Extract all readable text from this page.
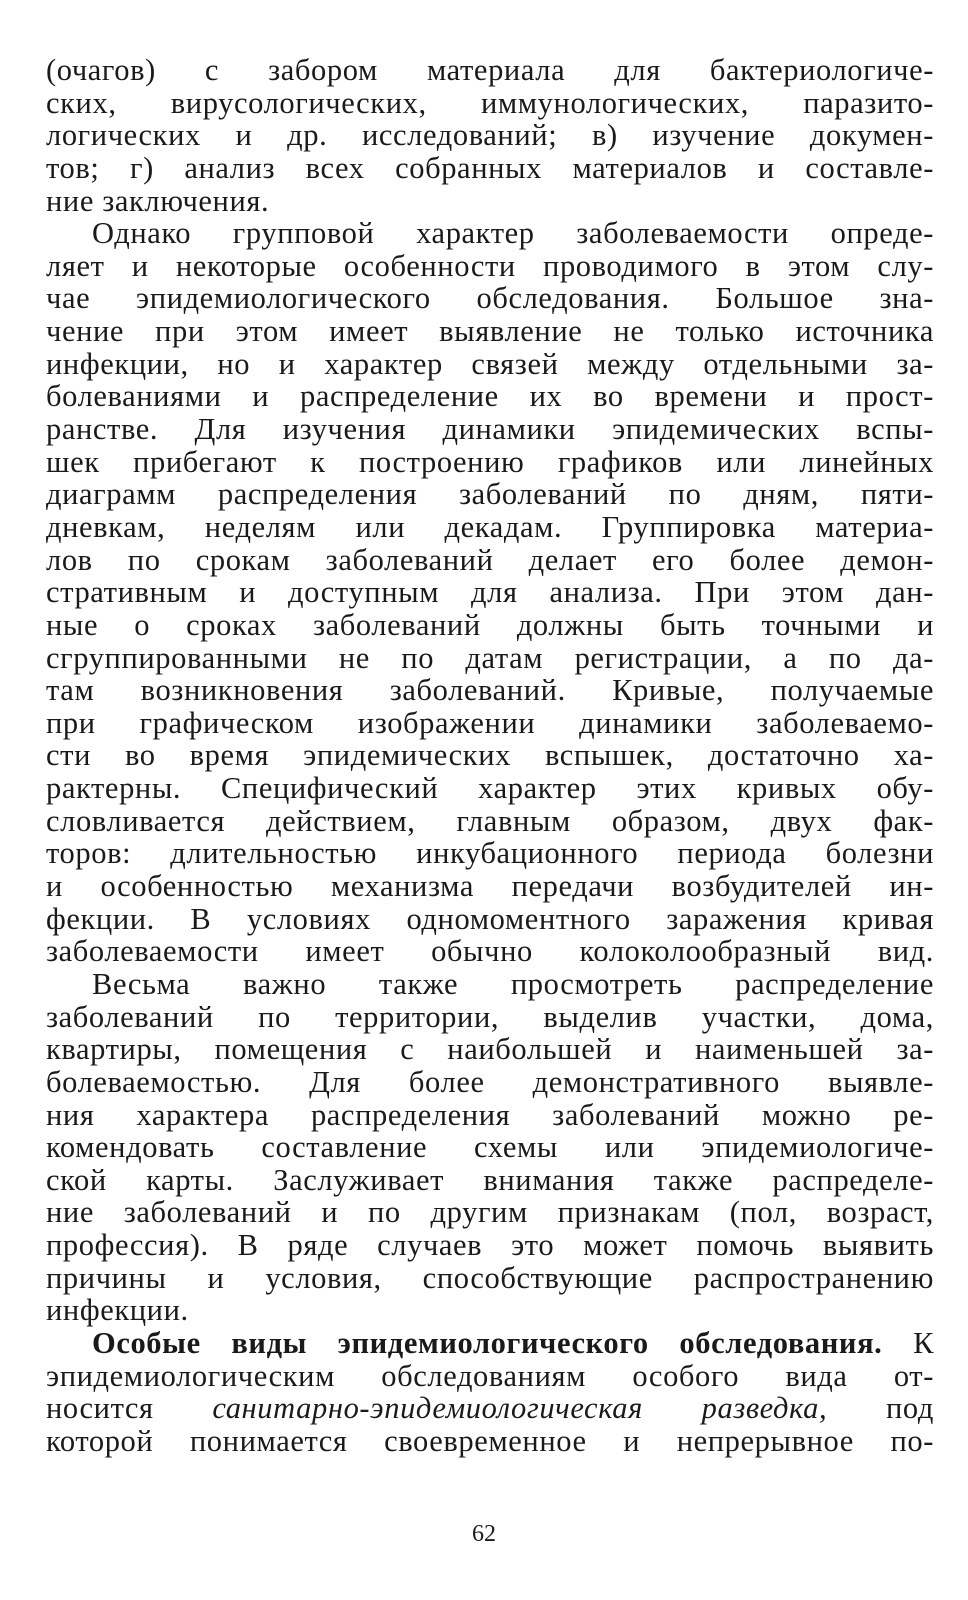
(очагов) с забором материала для бактериологиче-
ских, вирусологических, иммунологических, паразито-
логических и др. исследований; в) изучение докумен-
тов; г) анализ всех собранных материалов и составле-
ние заключения.
Однако групповой характер заболеваемости опреде-
ляет и некоторые особенности проводимого в этом слу-
чае эпидемиологического обследования. Большое зна-
чение при этом имеет выявление не только источника
инфекции, но и характер связей между отдельными за-
болеваниями и распределение их во времени и прост-
ранстве. Для изучения динамики эпидемических вспы-
шек прибегают к построению графиков или линейных
диаграмм распределения заболеваний по дням, пяти-
дневкам, неделям или декадам. Группировка материа-
лов по срокам заболеваний делает его более демон-
стративным и доступным для анализа. При этом дан-
ные о сроках заболеваний должны быть точными и
сгруппированными не по датам регистрации, а по да-
там возникновения заболеваний. Кривые, получаемые
при графическом изображении динамики заболеваемо-
сти во время эпидемических вспышек, достаточно ха-
рактерны. Специфический характер этих кривых обу-
словливается действием, главным образом, двух фак-
торов: длительностью инкубационного периода болезни
и особенностью механизма передачи возбудителей ин-
фекции. В условиях одномоментного заражения кривая
заболеваемости имеет обычно колоколообразный вид.
Весьма важно также просмотреть распределение
заболеваний по территории, выделив участки, дома,
квартиры, помещения с наибольшей и наименьшей за-
болеваемостью. Для более демонстративного выявле-
ния характера распределения заболеваний можно ре-
комендовать составление схемы или эпидемиологиче-
ской карты. Заслуживает внимания также распределе-
ние заболеваний и по другим признакам (пол, возраст,
профессия). В ряде случаев это может помочь выявить
причины и условия, способствующие распространению
инфекции.
Особые виды эпидемиологического обследования. К
эпидемиологическим обследованиям особого вида от-
носится санитарно-эпидемиологическая разведка, под
которой понимается своевременное и непрерывное по-
62
